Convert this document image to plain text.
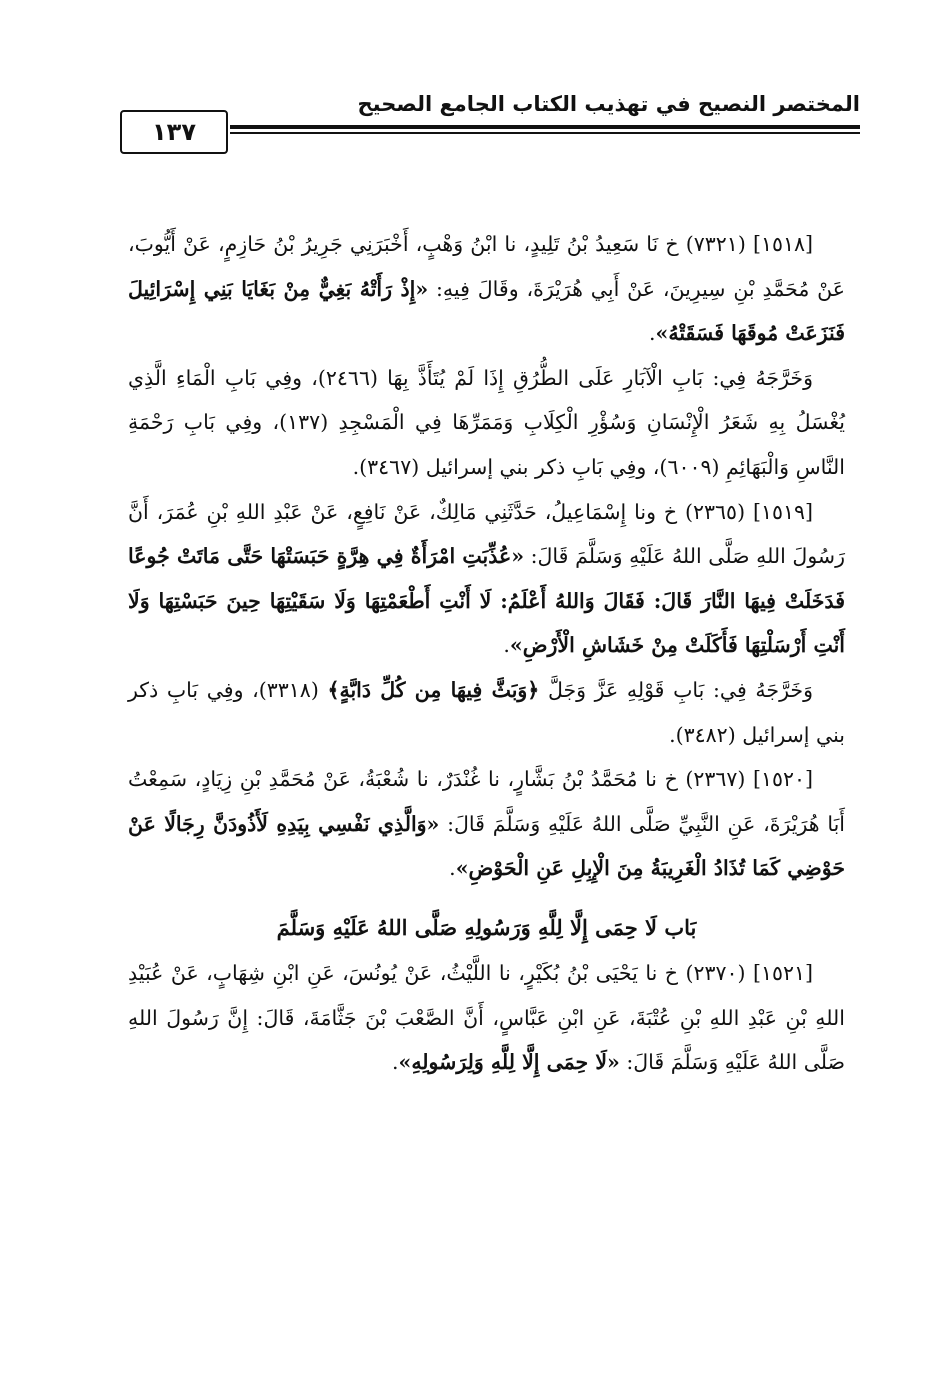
المختصر النصيح في تهذيب الكتاب الجامع الصحيح
١٣٧

[١٥١٨] (٧٣٢١) خ نَا سَعِيدُ بْنُ تَلِيدٍ، نا ابْنُ وَهْبٍ، أَخْبَرَنِي جَرِيرُ بْنُ حَازِمٍ، عَنْ أَيُّوبَ، عَنْ مُحَمَّدِ بْنِ سِيرِينَ، عَنْ أَبِي هُرَيْرَةَ، وقَالَ فِيهِ: «إِذْ رَأَتْهُ بَغِيٌّ مِنْ بَغَايَا بَنِي إِسْرَائِيلَ فَنَزَعَتْ مُوقَهَا فَسَقَتْهُ».

وَخَرَّجَهُ فِي: بَابِ الْآبَارِ عَلَى الطُّرُقِ إِذَا لَمْ يُتَأَذَّ بِهَا (٢٤٦٦)، وفِي بَابِ الْمَاءِ الَّذِي يُغْسَلُ بِهِ شَعَرُ الْإِنْسَانِ وَسُؤْرِ الْكِلَابِ وَمَمَرِّهَا فِي الْمَسْجِدِ (١٣٧)، وفِي بَابِ رَحْمَةِ النَّاسِ وَالْبَهَائِمِ (٦٠٠٩)، وفِي بَابِ ذكر بني إسرائيل (٣٤٦٧).

[١٥١٩] (٢٣٦٥) خ ونا إِسْمَاعِيلُ، حَدَّثَنِي مَالِكٌ، عَنْ نَافِعٍ، عَنْ عَبْدِ اللهِ بْنِ عُمَرَ، أَنَّ رَسُولَ اللهِ صَلَّى اللهُ عَلَيْهِ وَسَلَّمَ قَالَ: «عُذِّبَتِ امْرَأَةٌ فِي هِرَّةٍ حَبَسَتْهَا حَتَّى مَاتَتْ جُوعًا فَدَخَلَتْ فِيهَا النَّارَ قَالَ: فَقَالَ وَاللهُ أَعْلَمُ: لَا أَنْتِ أَطْعَمْتِهَا وَلَا سَقَيْتِهَا حِينَ حَبَسْتِهَا وَلَا أَنْتِ أَرْسَلْتِهَا فَأَكَلَتْ مِنْ خَشَاشِ الْأَرْضِ».

وَخَرَّجَهُ فِي: بَابِ قَوْلِهِ عَزَّ وَجَلَّ ﴿وَبَثَّ فِيهَا مِن كُلِّ دَابَّةٍ﴾ (٣٣١٨)، وفِي بَابِ ذكر بني إسرائيل (٣٤٨٢).

[١٥٢٠] (٢٣٦٧) خ نا مُحَمَّدُ بْنُ بَشَّارٍ، نا غُنْدَرٌ، نا شُعْبَةُ، عَنْ مُحَمَّدِ بْنِ زِيَادٍ، سَمِعْتُ أَبَا هُرَيْرَةَ، عَنِ النَّبِيِّ صَلَّى اللهُ عَلَيْهِ وَسَلَّمَ قَالَ: «وَالَّذِي نَفْسِي بِيَدِهِ لَأَذُودَنَّ رِجَالًا عَنْ حَوْضِي كَمَا تُذَادُ الْغَرِيبَةُ مِنَ الْإِبِلِ عَنِ الْحَوْضِ».

بَاب لَا حِمَى إِلَّا لِلَّهِ وَرَسُولِهِ صَلَّى اللهُ عَلَيْهِ وَسَلَّمَ

[١٥٢١] (٢٣٧٠) خ نا يَحْيَى بْنُ بُكَيْرٍ، نا اللَّيْثُ، عَنْ يُونُسَ، عَنِ ابْنِ شِهَابٍ، عَنْ عُبَيْدِ اللهِ بْنِ عَبْدِ اللهِ بْنِ عُتْبَةَ، عَنِ ابْنِ عَبَّاسٍ، أَنَّ الصَّعْبَ بْنَ جَثَّامَةَ، قَالَ: إِنَّ رَسُولَ اللهِ صَلَّى اللهُ عَلَيْهِ وَسَلَّمَ قَالَ: «لَا حِمَى إِلَّا لِلَّهِ وَلِرَسُولِهِ».
